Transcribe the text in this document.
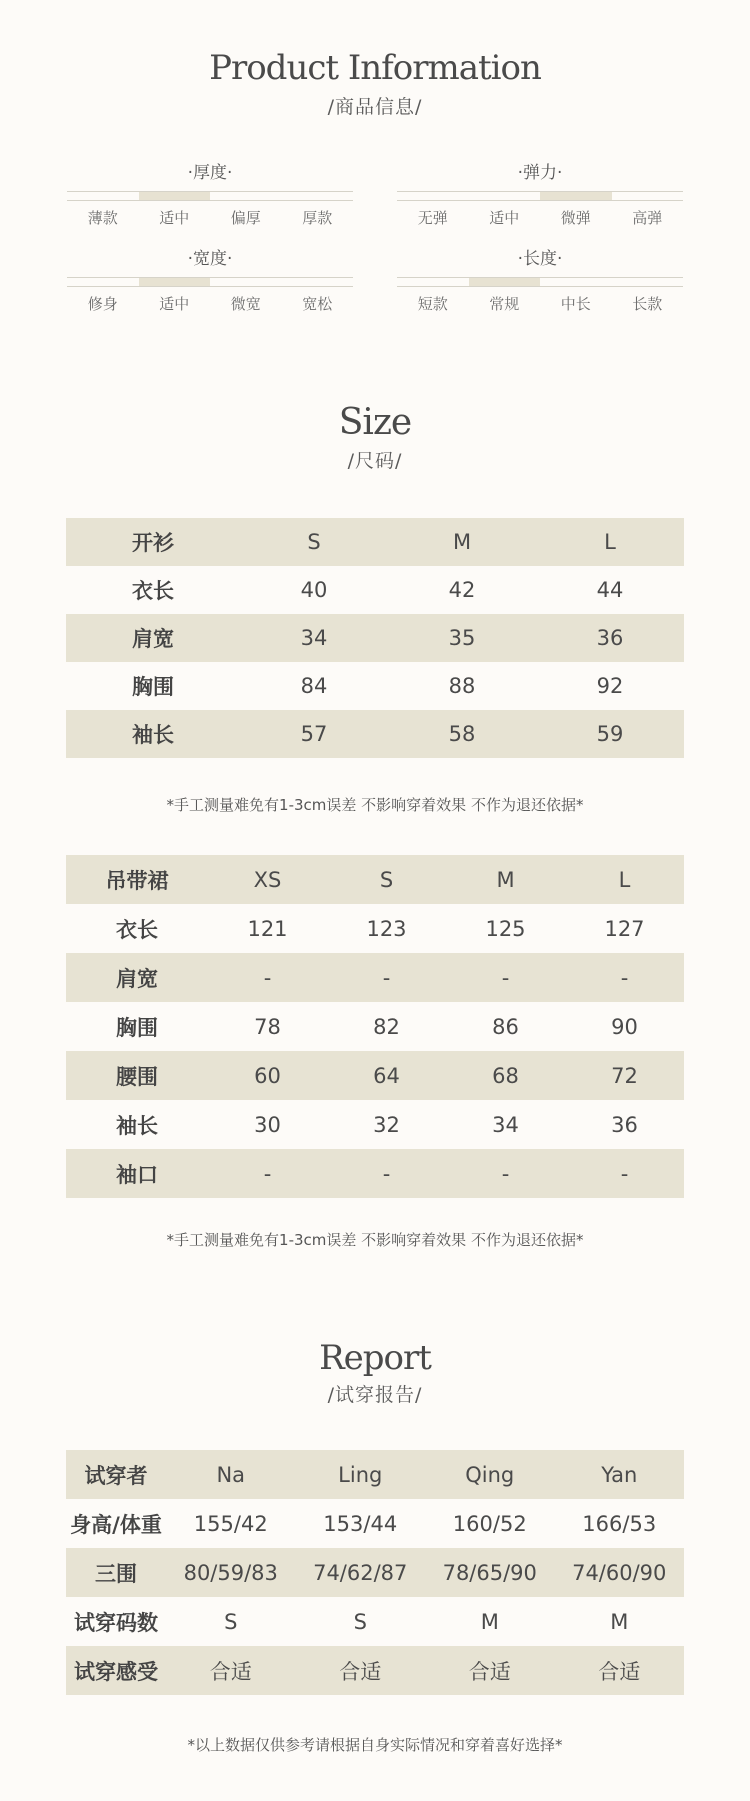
Product Information
/商品信息/
·厚度·
薄款	适中	偏厚	厚款
·弹力·
无弹	适中	微弹	高弹
·宽度·
修身	适中	微宽	宽松
·长度·
短款	常规	中长	长款
Size
/尺码/
开衫	S	M	L
衣长	40	42	44
肩宽	34	35	36
胸围	84	88	92
袖长	57	58	59
*手工测量难免有1-3cm误差 不影响穿着效果 不作为退还依据*
吊带裙	XS	S	M	L
衣长	121	123	125	127
肩宽	-	-	-	-
胸围	78	82	86	90
腰围	60	64	68	72
袖长	30	32	34	36
袖口	-	-	-	-
*手工测量难免有1-3cm误差 不影响穿着效果 不作为退还依据*
Report
/试穿报告/
试穿者	Na	Ling	Qing	Yan
身高/体重	155/42	153/44	160/52	166/53
三围	80/59/83	74/62/87	78/65/90	74/60/90
试穿码数	S	S	M	M
试穿感受	合适	合适	合适	合适
*以上数据仅供参考请根据自身实际情况和穿着喜好选择*
